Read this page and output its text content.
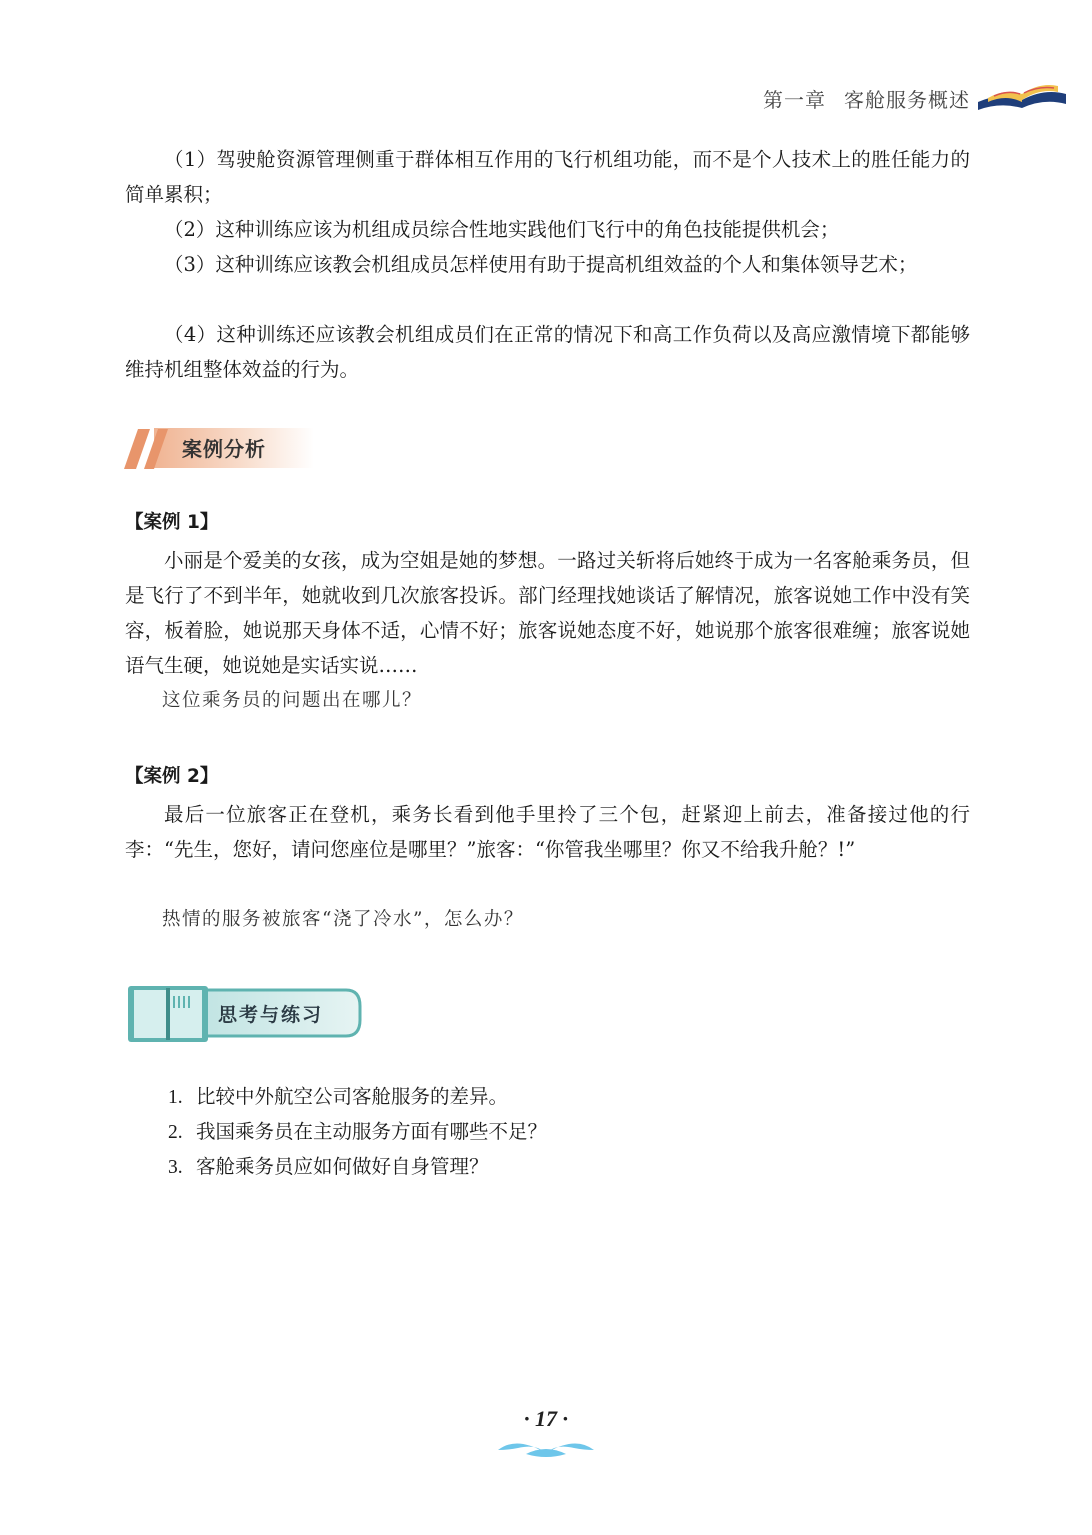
第一章 客舱服务概述

（1）驾驶舱资源管理侧重于群体相互作用的飞行机组功能，而不是个人技术上的胜任能力的简单累积；

（2）这种训练应该为机组成员综合性地实践他们飞行中的角色技能提供机会；

（3）这种训练应该教会机组成员怎样使用有助于提高机组效益的个人和集体领导艺术；

（4）这种训练还应该教会机组成员们在正常的情况下和高工作负荷以及高应激情境下都能够维持机组整体效益的行为。

案例分析
【案例 1】

小丽是个爱美的女孩，成为空姐是她的梦想。一路过关斩将后她终于成为一名客舱乘务员，但是飞行了不到半年，她就收到几次旅客投诉。部门经理找她谈话了解情况，旅客说她工作中没有笑容，板着脸，她说那天身体不适，心情不好；旅客说她态度不好，她说那个旅客很难缠；旅客说她语气生硬，她说她是实话实说……

这位乘务员的问题出在哪儿？

【案例 2】

最后一位旅客正在登机，乘务长看到他手里拎了三个包，赶紧迎上前去，准备接过他的行李：“先生，您好，请问您座位是哪里？”旅客：“你管我坐哪里？你又不给我升舱？!”

热情的服务被旅客“浇了冷水”，怎么办？

思考与练习
1. 比较中外航空公司客舱服务的差异。
2. 我国乘务员在主动服务方面有哪些不足？
3. 客舱乘务员应如何做好自身管理？
· 17 ·
